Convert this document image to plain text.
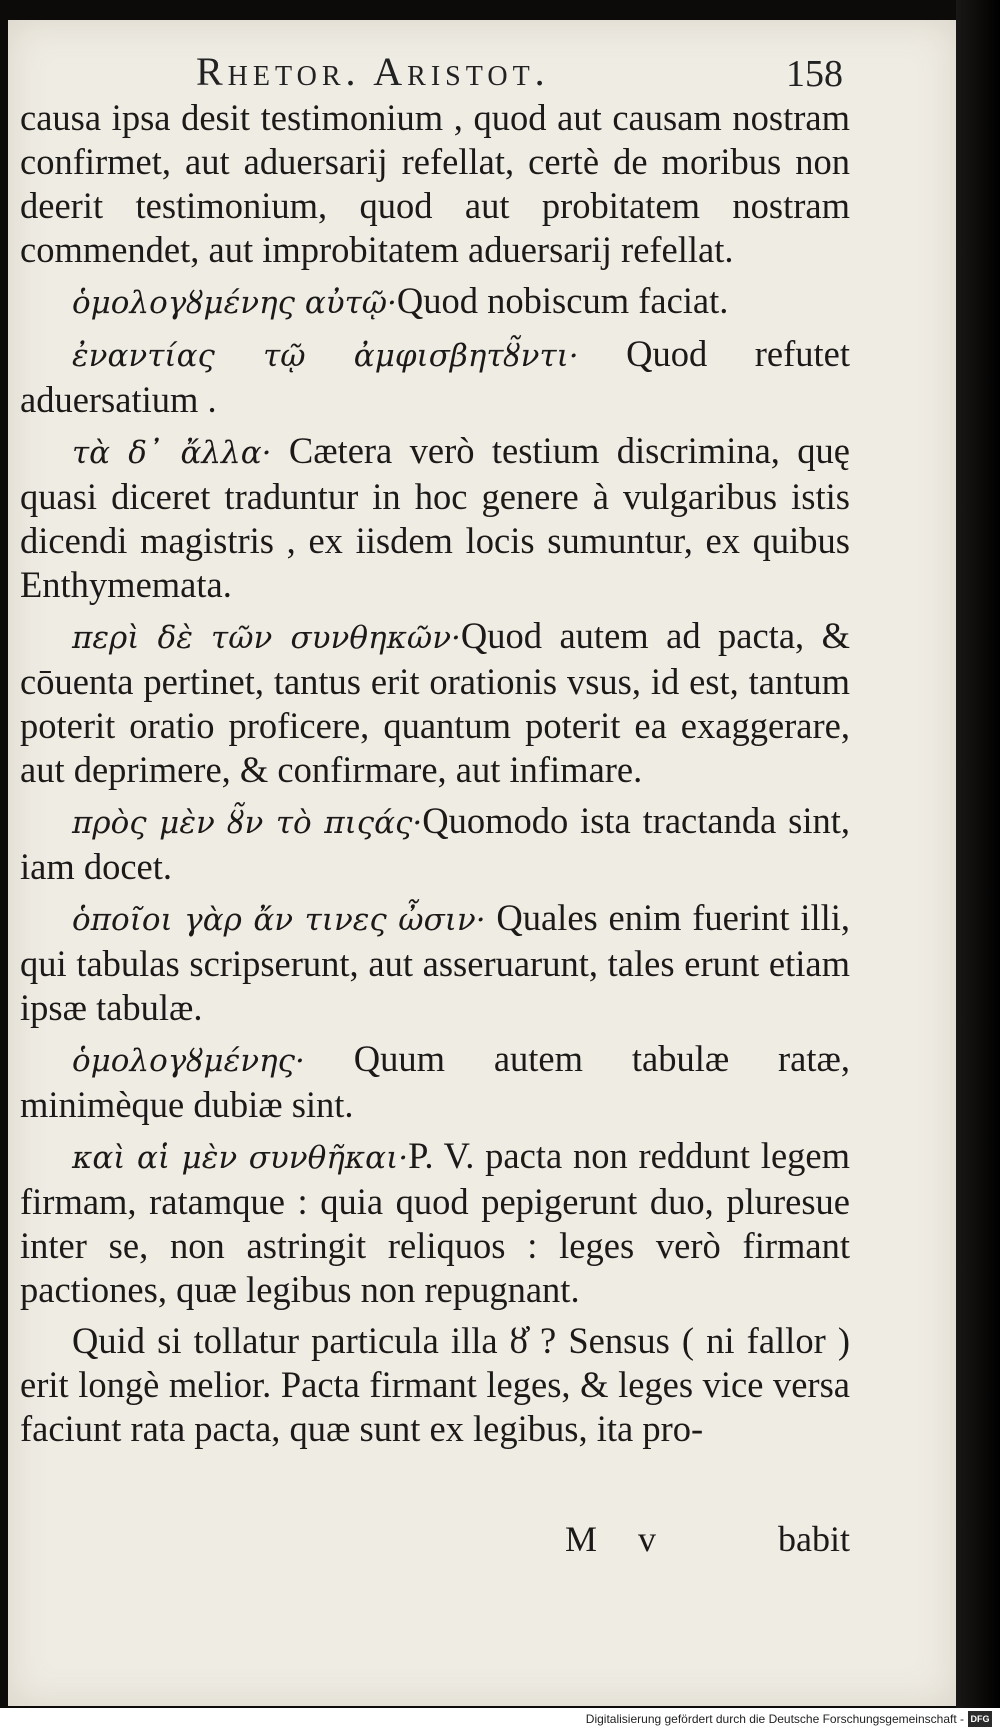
Rhetor. Aristot.	158

causa ipsa desit testimonium , quod aut causam nostram confirmet, aut aduersarij refellat, certè de moribus non deerit testimonium, quod aut probitatem nostram commendet, aut improbitatem aduersarij refellat.

ὁμολογȣμένης αὐτῷ·Quod nobiscum faciat.

ἐναντίας τῷ ἀμφισβητȣ̃ντι· Quod refutet aduersatium .

τὰ δ᾽ ἄλλα· Cætera verò testium discrimina, quę quasi diceret traduntur in hoc genere à vulgaribus istis dicendi magistris , ex iisdem locis sumuntur, ex quibus Enthymemata.

περὶ δὲ τῶν συνθηκῶν·Quod autem ad pacta, & cōuenta pertinet, tantus erit orationis vsus, id est, tantum poterit oratio proficere, quantum poterit ea exaggerare, aut deprimere, & confirmare, aut infimare.

πρὸς μὲν ȣ̃ν τὸ πιςάς·Quomodo ista tractanda sint, iam docet.

ὁποῖοι γὰρ ἄν τινες ὦσιν· Quales enim fuerint illi, qui tabulas scripserunt, aut asseruarunt, tales erunt etiam ipsæ tabulæ.

ὁμολογȣμένης· Quum autem tabulæ ratæ, minimèque dubiæ sint.

καὶ αἱ μὲν συνθῆκαι·P. V. pacta non reddunt legem firmam, ratamque : quia quod pepigerunt duo, pluresue inter se, non astringit reliquos : leges verò firmant pactiones, quæ legibus non repugnant.

Quid si tollatur particula illa ȣ̓ ? Sensus ( ni fallor ) erit longè melior. Pacta firmant leges, & leges vice versa faciunt rata pacta, quæ sunt ex legibus, ita pro-

M v	babit
Digitalisierung gefördert durch die Deutsche Forschungsgemeinschaft - DFG
